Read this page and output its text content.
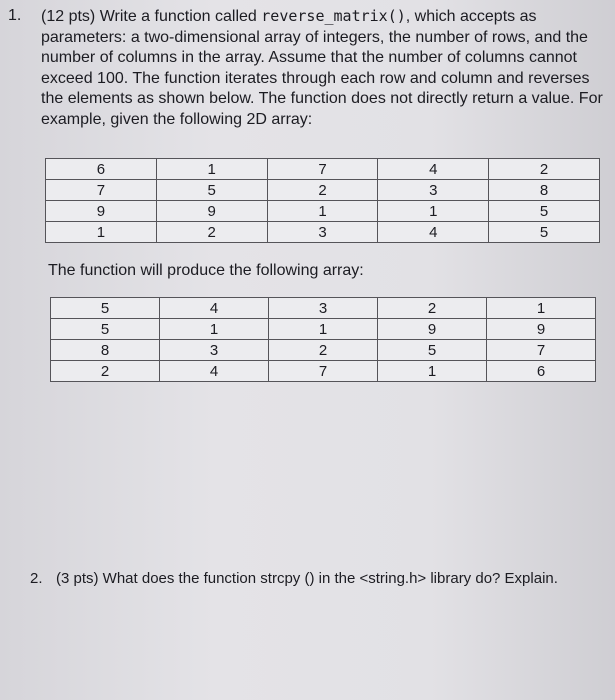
1. (12 pts) Write a function called reverse_matrix(), which accepts as parameters: a two-dimensional array of integers, the number of rows, and the number of columns in the array. Assume that the number of columns cannot exceed 100. The function iterates through each row and column and reverses the elements as shown below. The function does not directly return a value. For example, given the following 2D array:
6	1	7	4	2
7	5	2	3	8
9	9	1	1	5
1	2	3	4	5
The function will produce the following array:
5	4	3	2	1
5	1	1	9	9
8	3	2	5	7
2	4	7	1	6
2. (3 pts) What does the function strcpy () in the <string.h> library do? Explain.
